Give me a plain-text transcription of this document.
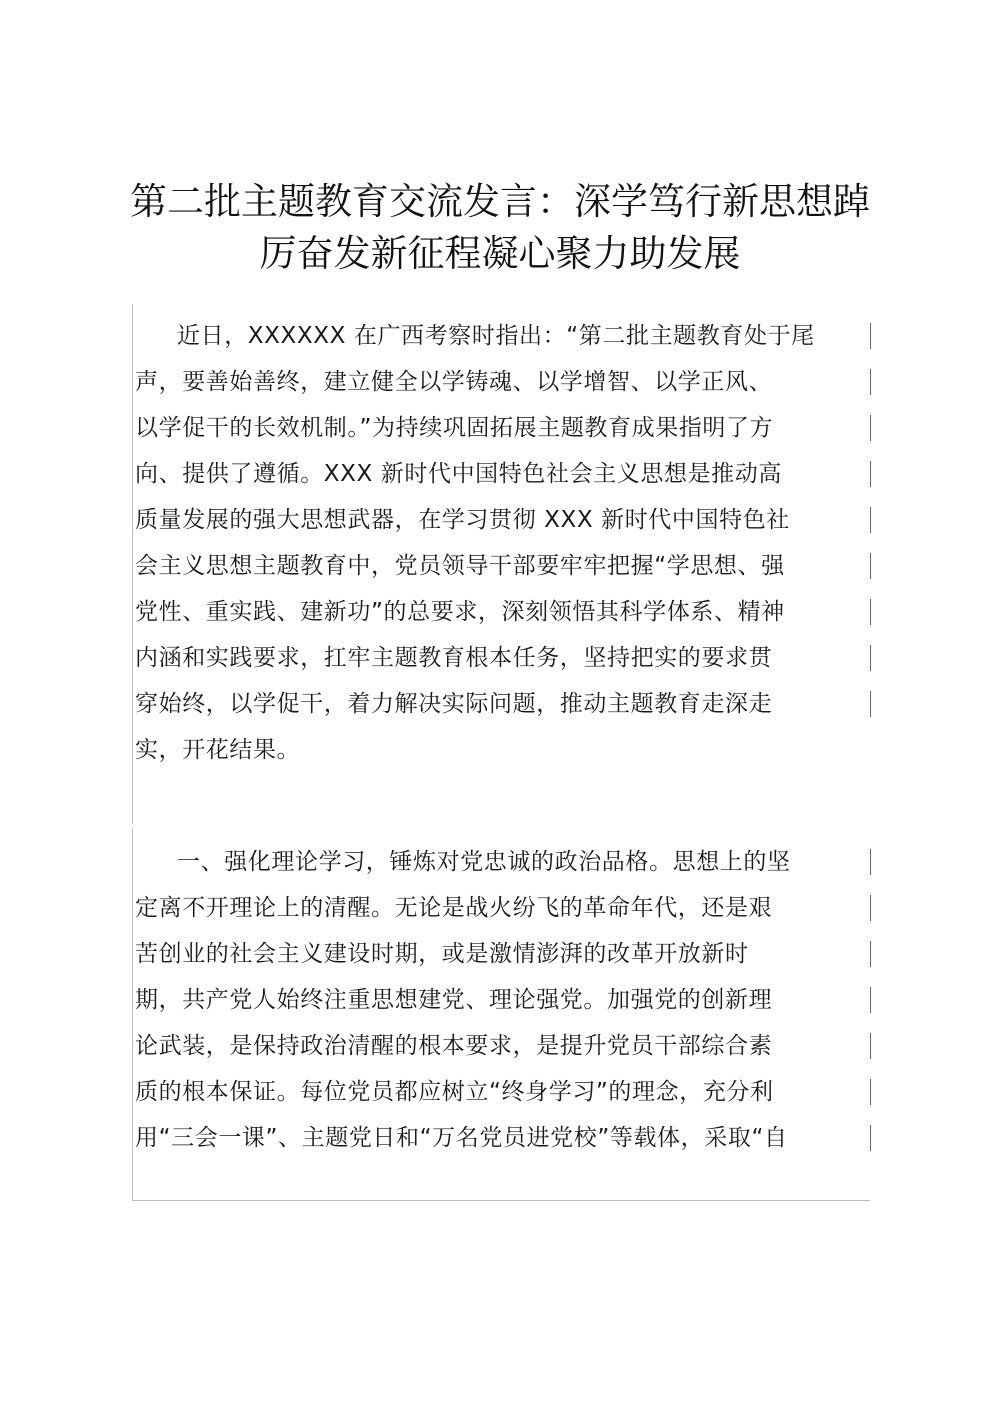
第二批主题教育交流发言：深学笃行新思想踔
厉奋发新征程凝心聚力助发展
近日，XXXXXX 在广西考察时指出：“第二批主题教育处于尾
声，要善始善终，建立健全以学铸魂、以学增智、以学正风、
以学促干的长效机制。”为持续巩固拓展主题教育成果指明了方
向、提供了遵循。XXX 新时代中国特色社会主义思想是推动高
质量发展的强大思想武器，在学习贯彻 XXX 新时代中国特色社
会主义思想主题教育中，党员领导干部要牢牢把握“学思想、强
党性、重实践、建新功”的总要求，深刻领悟其科学体系、精神
内涵和实践要求，扛牢主题教育根本任务，坚持把实的要求贯
穿始终，以学促干，着力解决实际问题，推动主题教育走深走
实，开花结果。
一、强化理论学习，锤炼对党忠诚的政治品格。思想上的坚
定离不开理论上的清醒。无论是战火纷飞的革命年代，还是艰
苦创业的社会主义建设时期，或是激情澎湃的改革开放新时
期，共产党人始终注重思想建党、理论强党。加强党的创新理
论武装，是保持政治清醒的根本要求，是提升党员干部综合素
质的根本保证。每位党员都应树立“终身学习”的理念，充分利
用“三会一课”、主题党日和“万名党员进党校”等载体，采取“自
